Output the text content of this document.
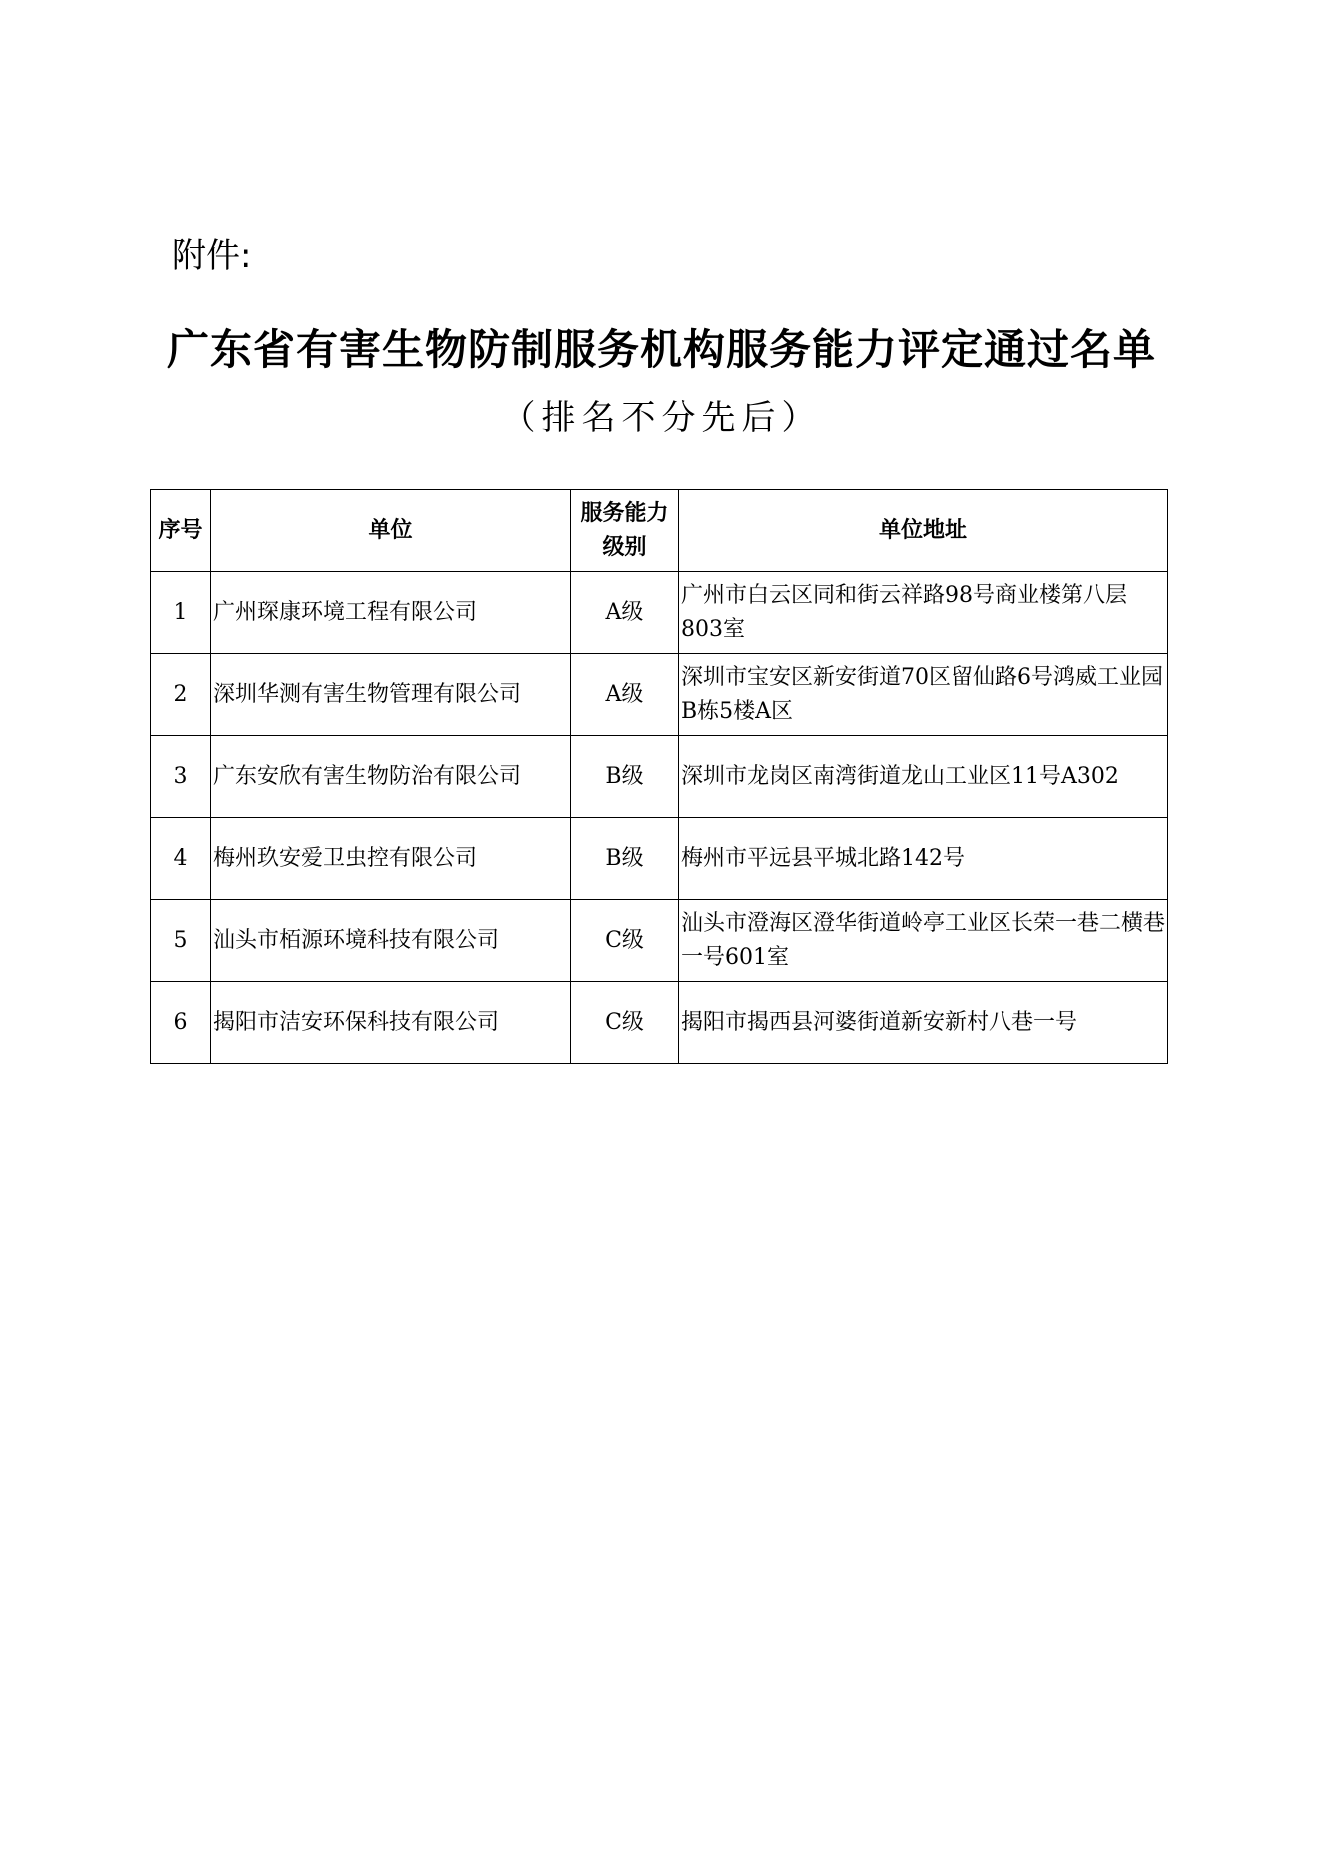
附件:

广东省有害生物防制服务机构服务能力评定通过名单

（排名不分先后）

序号	单位	服务能力级别	单位地址
1	广州琛康环境工程有限公司	A级	广州市白云区同和街云祥路98号商业楼第八层803室
2	深圳华测有害生物管理有限公司	A级	深圳市宝安区新安街道70区留仙路6号鸿威工业园B栋5楼A区
3	广东安欣有害生物防治有限公司	B级	深圳市龙岗区南湾街道龙山工业区11号A302
4	梅州玖安爱卫虫控有限公司	B级	梅州市平远县平城北路142号
5	汕头市栢源环境科技有限公司	C级	汕头市澄海区澄华街道岭亭工业区长荣一巷二横巷一号601室
6	揭阳市洁安环保科技有限公司	C级	揭阳市揭西县河婆街道新安新村八巷一号
